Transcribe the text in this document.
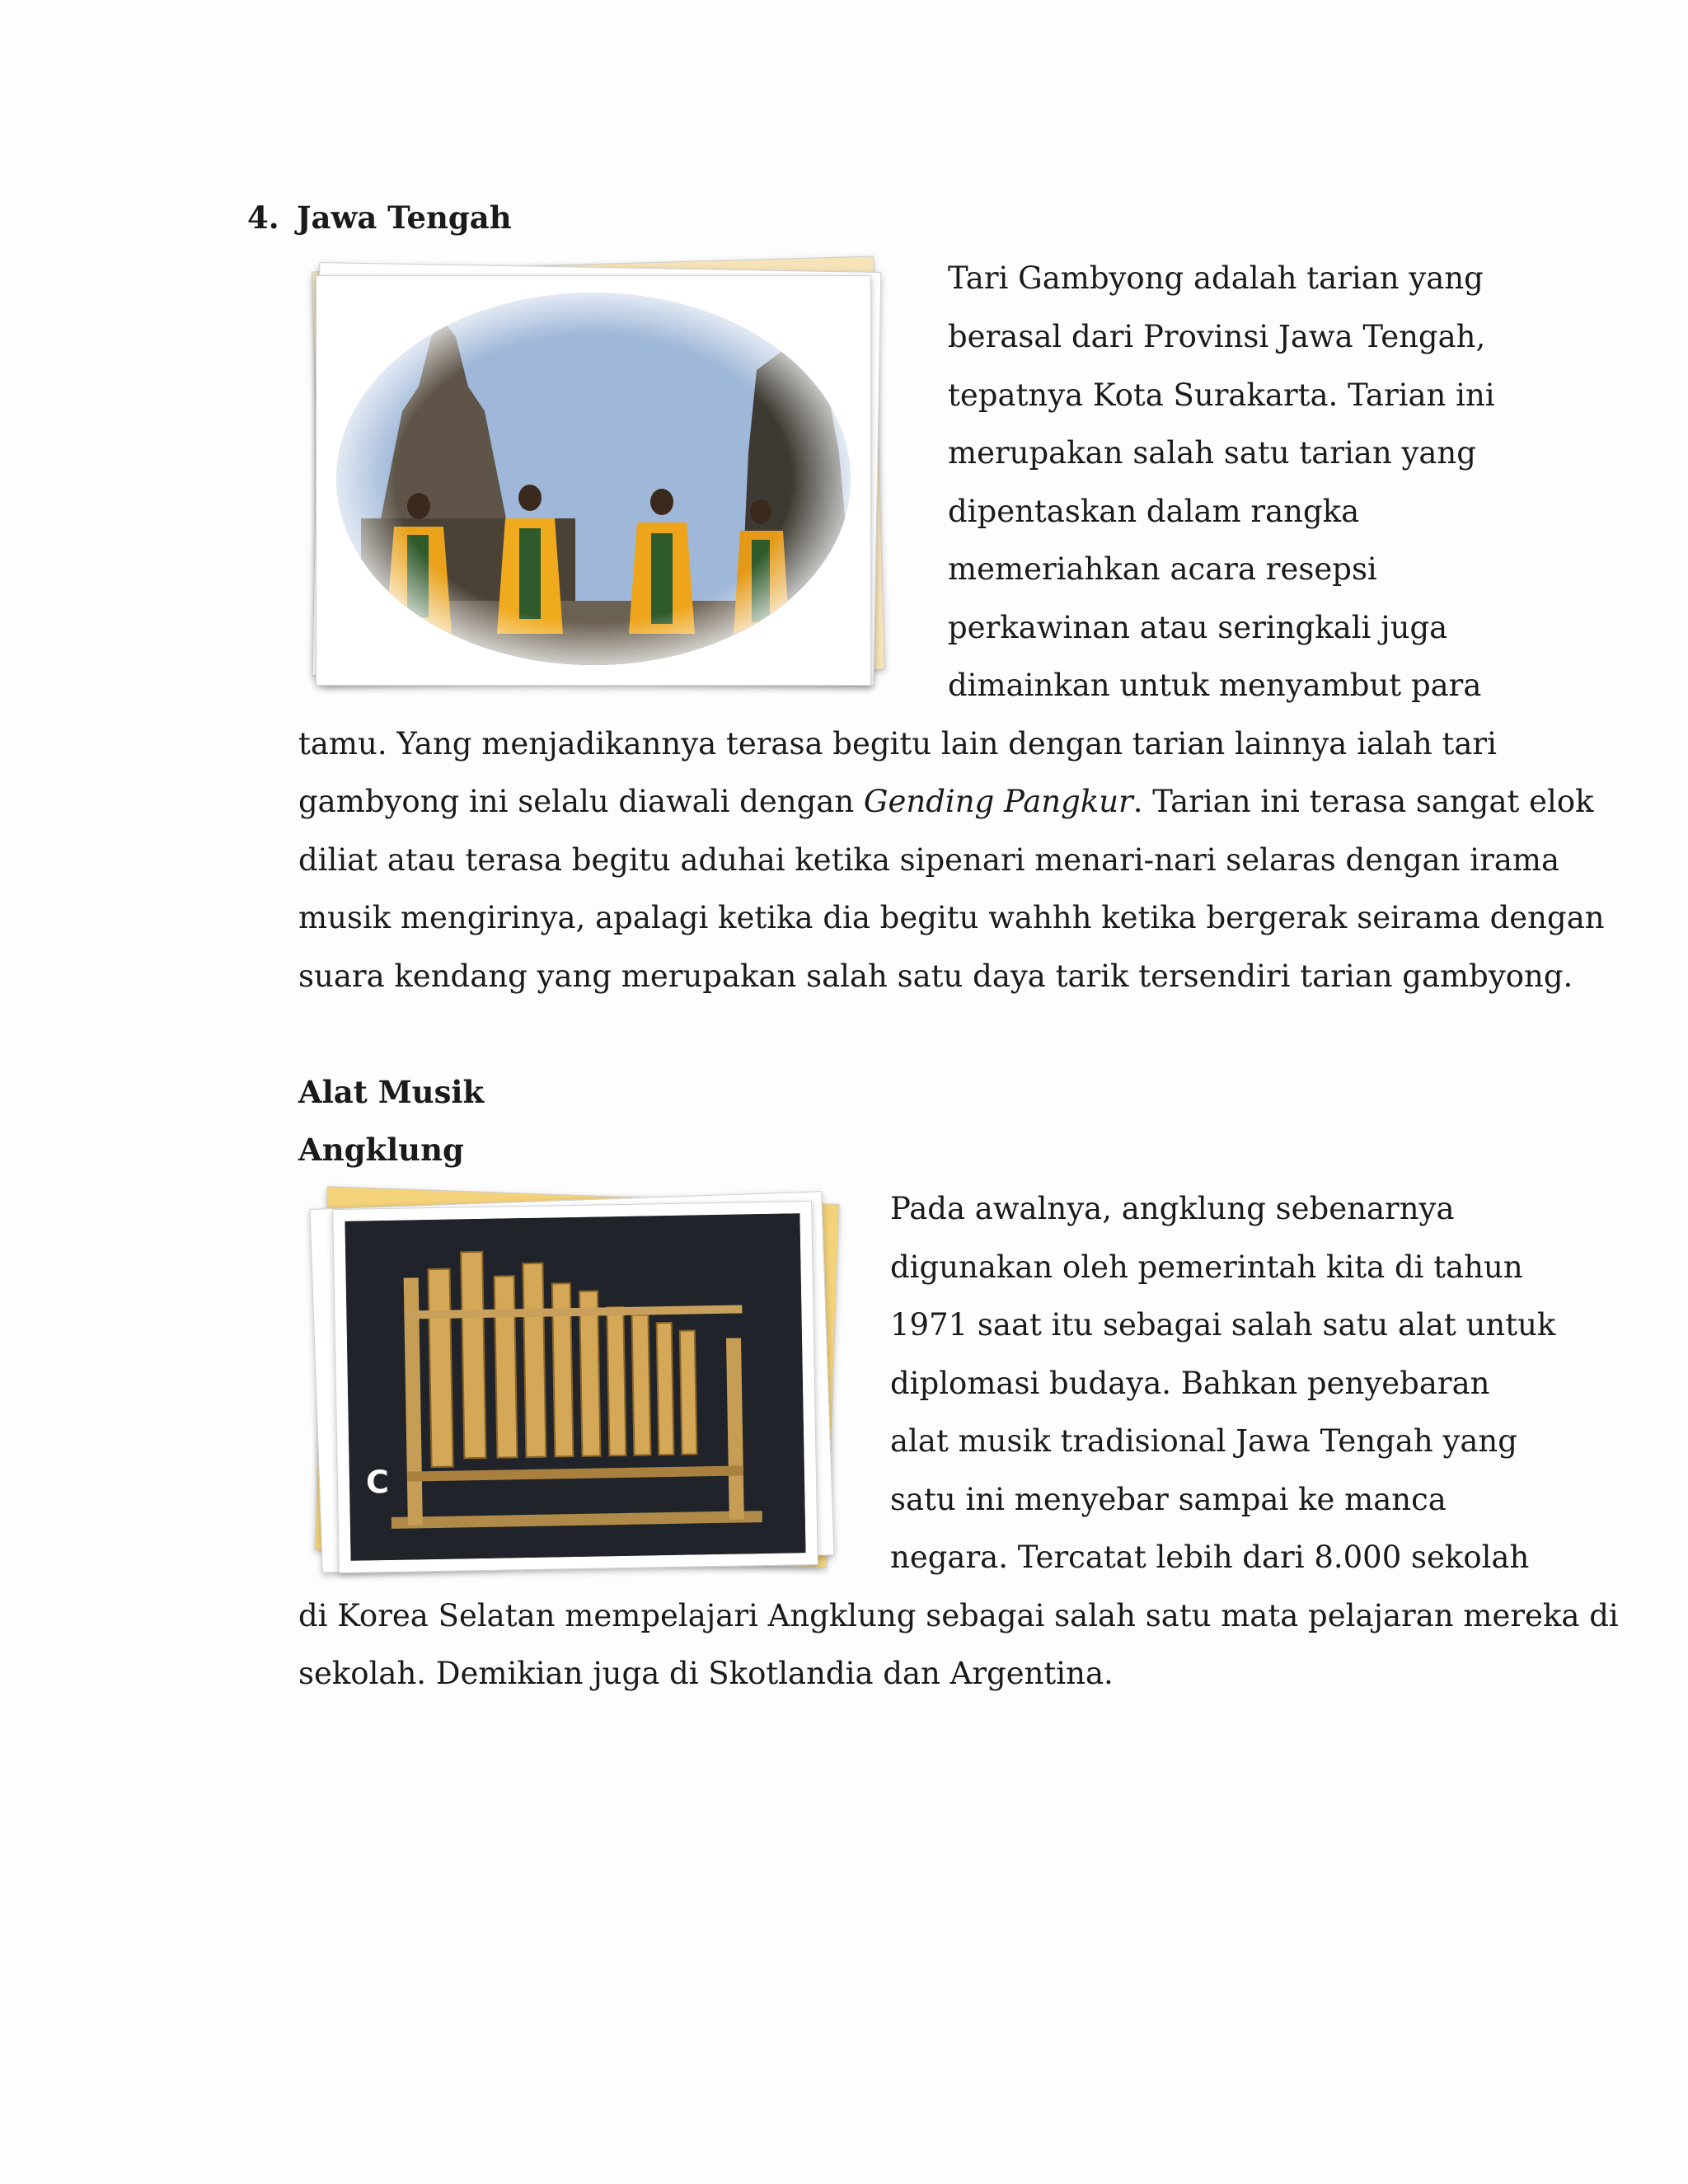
4. Jawa Tengah
Tari Gambyong adalah tarian yang
berasal dari Provinsi Jawa Tengah,
tepatnya Kota Surakarta. Tarian ini
merupakan salah satu tarian yang
dipentaskan dalam rangka
memeriahkan acara resepsi
perkawinan atau seringkali juga
dimainkan untuk menyambut para
tamu. Yang menjadikannya terasa begitu lain dengan tarian lainnya ialah tari
gambyong ini selalu diawali dengan Gending Pangkur. Tarian ini terasa sangat elok
diliat atau terasa begitu aduhai ketika sipenari menari-nari selaras dengan irama
musik mengirinya, apalagi ketika dia begitu wahhh ketika bergerak seirama dengan
suara kendang yang merupakan salah satu daya tarik tersendiri tarian gambyong.
Alat Musik
Angklung
C
Pada awalnya, angklung sebenarnya
digunakan oleh pemerintah kita di tahun
1971 saat itu sebagai salah satu alat untuk
diplomasi budaya. Bahkan penyebaran
alat musik tradisional Jawa Tengah yang
satu ini menyebar sampai ke manca
negara. Tercatat lebih dari 8.000 sekolah
di Korea Selatan mempelajari Angklung sebagai salah satu mata pelajaran mereka di
sekolah. Demikian juga di Skotlandia dan Argentina.
